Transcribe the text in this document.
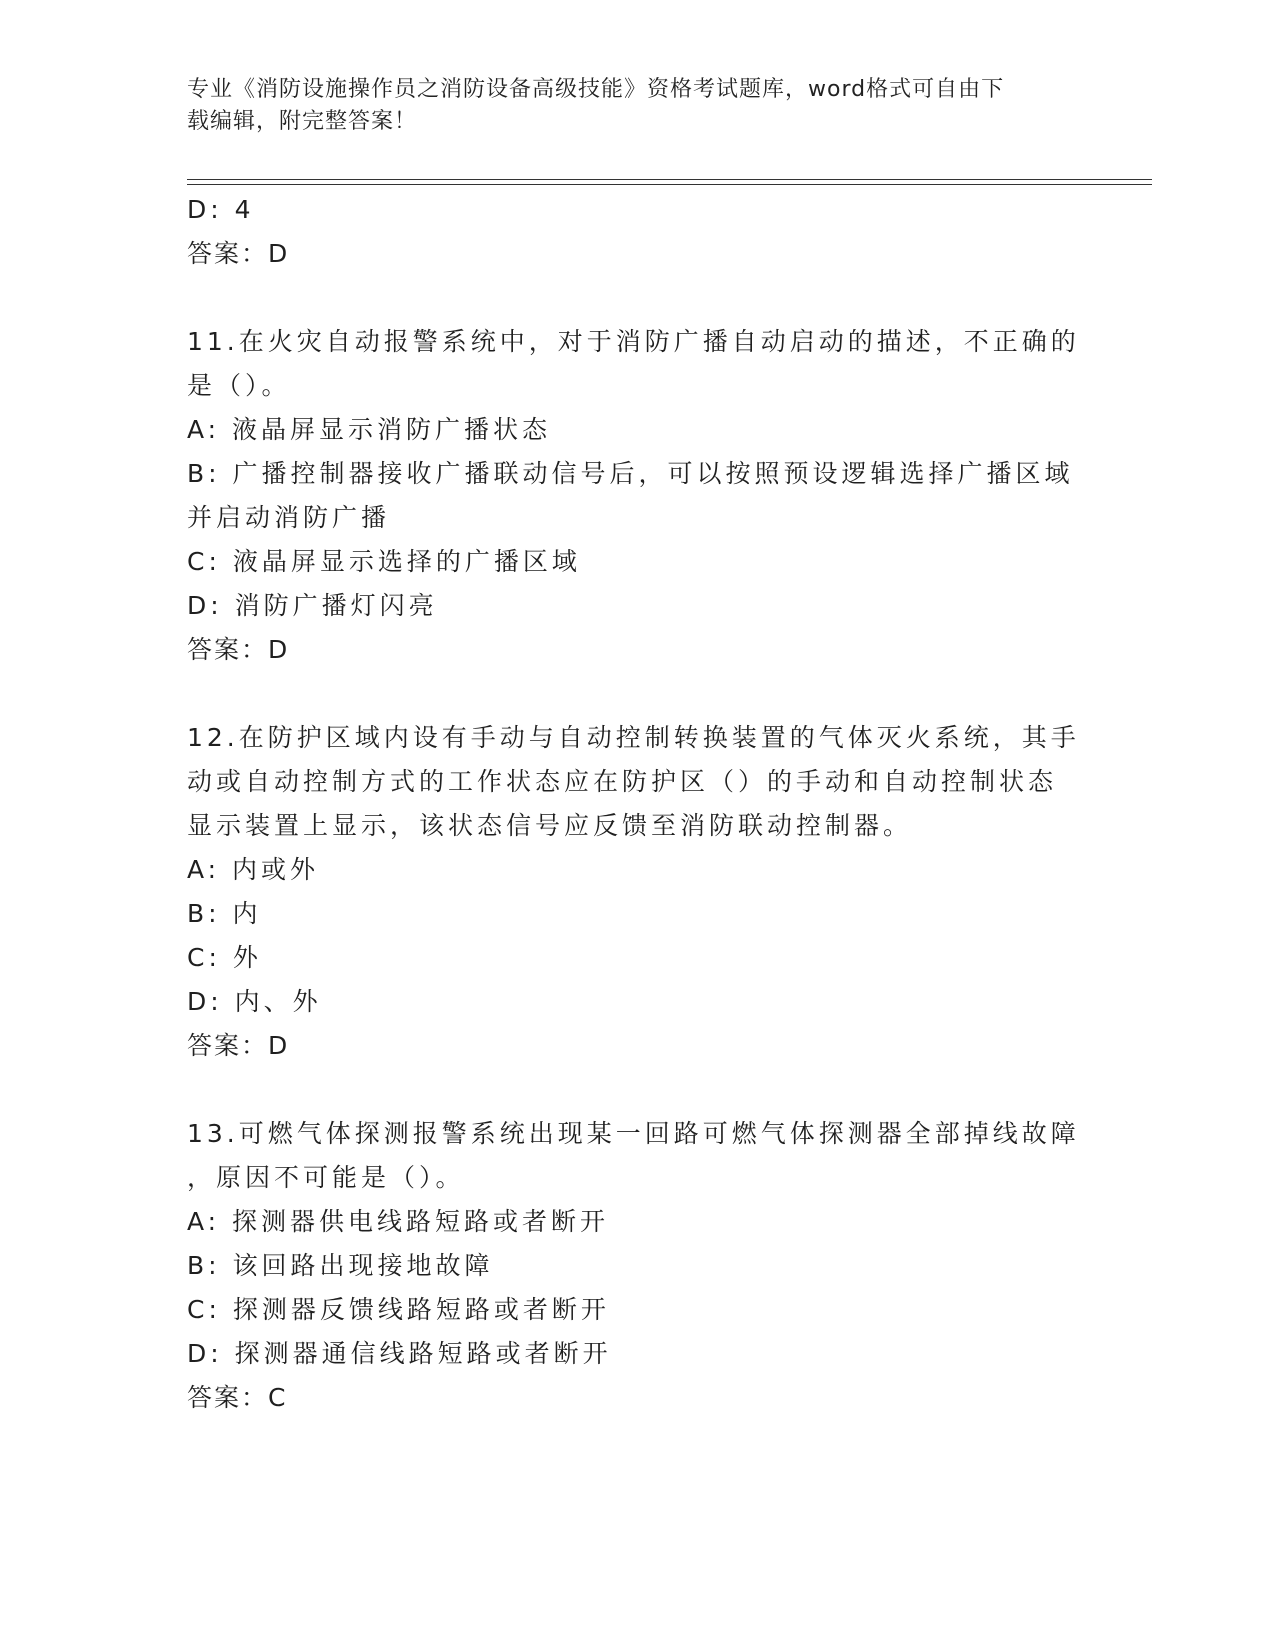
专业《消防设施操作员之消防设备高级技能》资格考试题库，word格式可自由下
载编辑，附完整答案！
D: 4
答案：D
11.在火灾自动报警系统中，对于消防广播自动启动的描述，不正确的
是（）。
A: 液晶屏显示消防广播状态
B: 广播控制器接收广播联动信号后，可以按照预设逻辑选择广播区域
并启动消防广播
C: 液晶屏显示选择的广播区域
D: 消防广播灯闪亮
答案：D
12.在防护区域内设有手动与自动控制转换装置的气体灭火系统，其手
动或自动控制方式的工作状态应在防护区（）的手动和自动控制状态
显示装置上显示，该状态信号应反馈至消防联动控制器。
A: 内或外
B: 内
C: 外
D: 内、外
答案：D
13.可燃气体探测报警系统出现某一回路可燃气体探测器全部掉线故障
，原因不可能是（）。
A: 探测器供电线路短路或者断开
B: 该回路出现接地故障
C: 探测器反馈线路短路或者断开
D: 探测器通信线路短路或者断开
答案：C
